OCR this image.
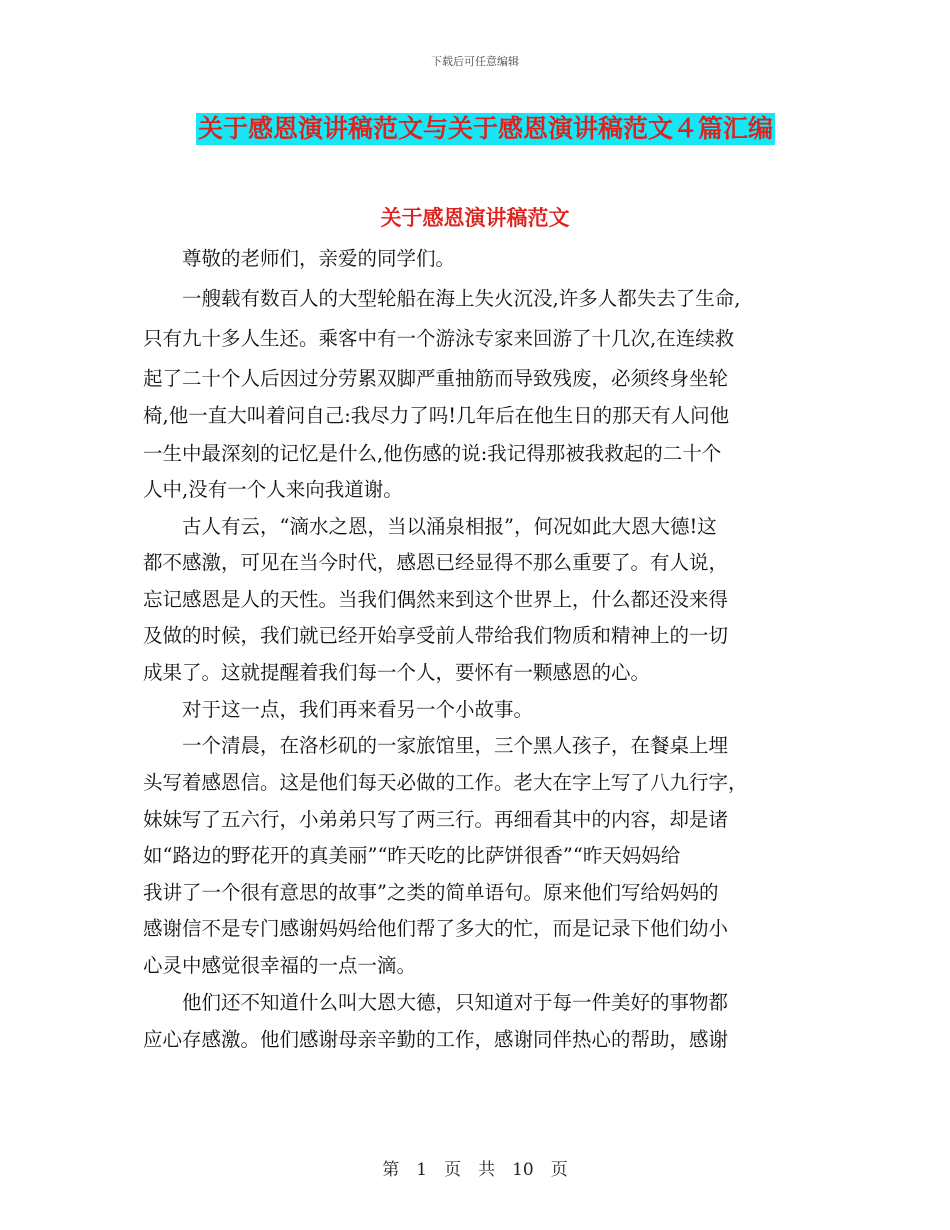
下载后可任意编辑
关于感恩演讲稿范文与关于感恩演讲稿范文４篇汇编
关于感恩演讲稿范文
　　尊敬的老师们，亲爱的同学们。
　　一艘载有数百人的大型轮船在海上失火沉没,许多人都失去了生命,
只有九十多人生还。乘客中有一个游泳专家来回游了十几次,在连续救
起了二十个人后因过分劳累双脚严重抽筋而导致残废，必须终身坐轮
椅,他一直大叫着问自己:我尽力了吗!几年后在他生日的那天有人问他
一生中最深刻的记忆是什么,他伤感的说:我记得那被我救起的二十个
人中,没有一个人来向我道谢。
　　古人有云，“滴水之恩，当以涌泉相报”，何况如此大恩大德!这
都不感激，可见在当今时代，感恩已经显得不那么重要了。有人说，
忘记感恩是人的天性。当我们偶然来到这个世界上，什么都还没来得
及做的时候，我们就已经开始享受前人带给我们物质和精神上的一切
成果了。这就提醒着我们每一个人，要怀有一颗感恩的心。
　　对于这一点，我们再来看另一个小故事。
　　一个清晨，在洛杉矶的一家旅馆里，三个黑人孩子，在餐桌上埋
头写着感恩信。这是他们每天必做的工作。老大在字上写了八九行字，
妹妹写了五六行，小弟弟只写了两三行。再细看其中的内容，却是诸
如“路边的野花开的真美丽”“昨天吃的比萨饼很香”“昨天妈妈给
我讲了一个很有意思的故事”之类的简单语句。原来他们写给妈妈的
感谢信不是专门感谢妈妈给他们帮了多大的忙，而是记录下他们幼小
心灵中感觉很幸福的一点一滴。
　　他们还不知道什么叫大恩大德，只知道对于每一件美好的事物都
应心存感激。他们感谢母亲辛勤的工作，感谢同伴热心的帮助，感谢
第　1　页　共　10　页
